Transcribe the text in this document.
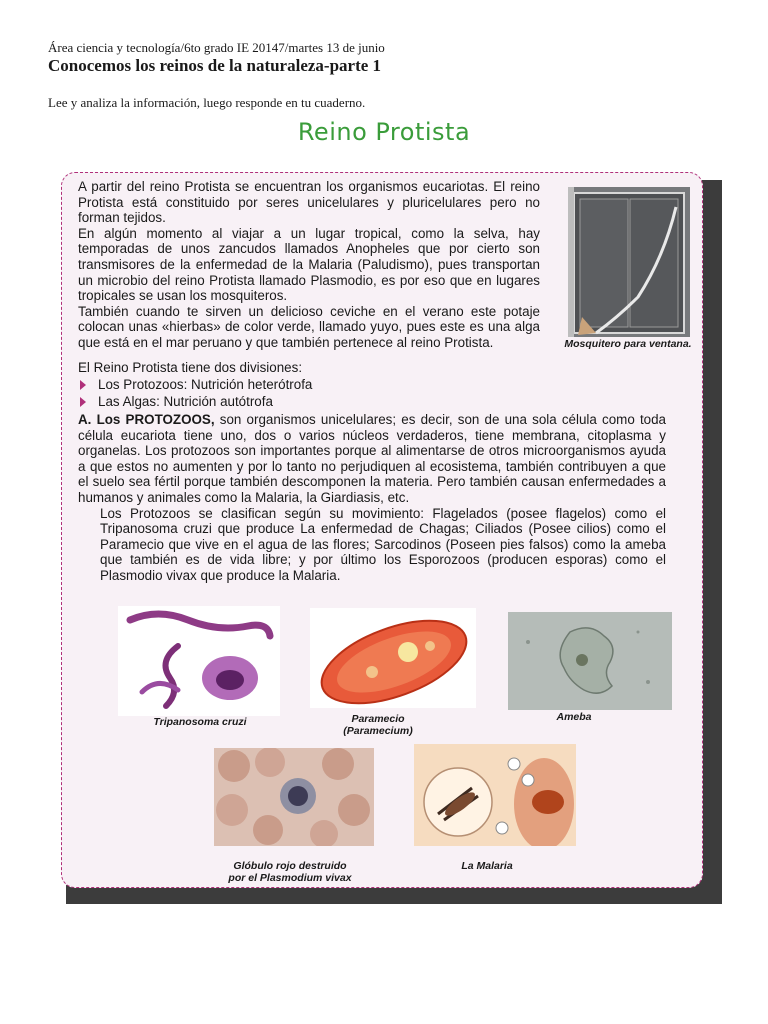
Área ciencia y tecnología/6to grado IE 20147/martes 13 de junio
Conocemos los reinos de la naturaleza-parte 1
Lee y analiza la información, luego responde en tu cuaderno.
Reino Protista
A partir del reino Protista se encuentran los organismos eucariotas. El reino Protista está constituido por seres unicelulares y pluricelulares pero no forman tejidos.
En algún momento al viajar a un lugar tropical, como la selva, hay temporadas de unos zancudos llamados Anopheles que por cierto son transmisores de la enfermedad de la Malaria (Paludismo), pues transportan un microbio del reino Protista llamado Plasmodio, es por eso que en lugares tropicales se usan los mosquiteros.
También cuando te sirven un delicioso ceviche en el verano este potaje colocan unas «hierbas» de color verde, llamado yuyo, pues este es una alga que está en el mar peruano y que también pertenece al reino Protista.	Mosquitero para ventana.
El Reino Protista tiene dos divisiones:
Los Protozoos: Nutrición heterótrofa
Las Algas: Nutrición autótrofa
A. Los PROTOZOOS, son organismos unicelulares; es decir, son de una sola célula como toda célula eucariota tiene uno, dos o varios núcleos verdaderos, tiene membrana, citoplasma y organelas. Los protozoos son importantes porque al alimentarse de otros microorganismos ayuda a que estos no aumenten y por lo tanto no perjudiquen al ecosistema, también contribuyen a que el suelo sea fértil porque también descomponen la materia. Pero también causan enfermedades a humanos y animales como la Malaria, la Giardiasis, etc.
Los Protozoos se clasifican según su movimiento: Flagelados (posee flagelos) como el Tripanosoma cruzi que produce La enfermedad de Chagas; Ciliados (Posee cilios) como el Paramecio que vive en el agua de las flores; Sarcodinos (Poseen pies falsos) como la ameba que también es de vida libre; y por último los Esporozoos (producen esporas) como el Plasmodio vivax que produce la Malaria.
Tripanosoma cruzi	Paramecio
(Paramecium)
Ameba
Glóbulo rojo destruido
por el Plasmodium vivax
La Malaria
